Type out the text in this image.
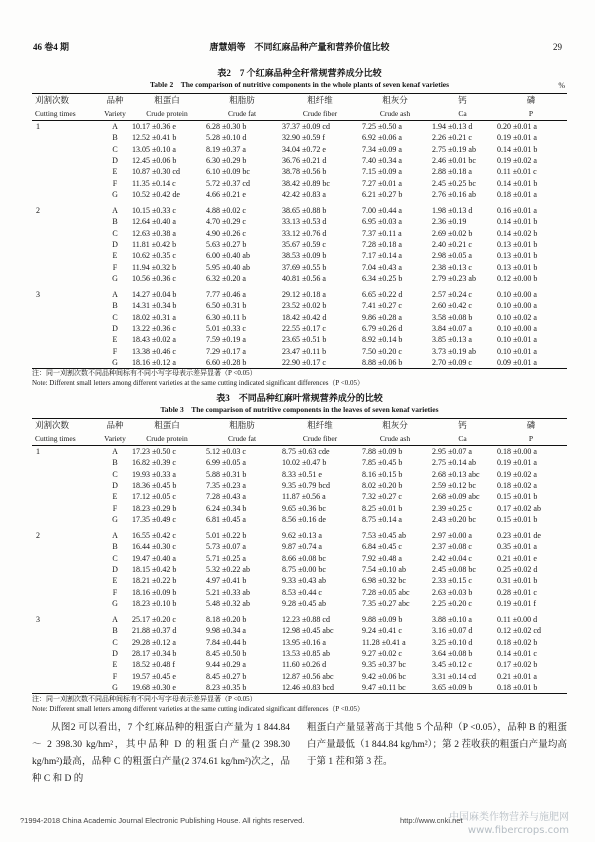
46 卷4 期	唐慧娟等　不同红麻品种产量和营养价值比较	29
表2　7 个红麻品种全秆常规营养成分比较
%
Table 2　The comparison of nutritive components in the whole plants of seven kenaf varieties
刈割次数	品种	粗蛋白	粗脂肪	粗纤维	粗灰分	钙	磷
Cutting times	Variety	Crude protein	Crude fat	Crude fiber	Crude ash	Ca	P
1	A	10.17 ±0.36 e	6.28 ±0.30 b	37.37 ±0.09 cd	7.25 ±0.50 a	1.94 ±0.13 d	0.20 ±0.01 a
	B	12.52 ±0.41 b	5.28 ±0.10 d	32.90 ±0.59 f	6.92 ±0.06 a	2.26 ±0.21 c	0.19 ±0.01 a
	C	13.05 ±0.10 a	8.19 ±0.37 a	34.04 ±0.72 e	7.34 ±0.09 a	2.75 ±0.19 ab	0.14 ±0.01 b
	D	12.45 ±0.06 b	6.30 ±0.29 b	36.76 ±0.21 d	7.40 ±0.34 a	2.46 ±0.01 bc	0.19 ±0.02 a
	E	10.87 ±0.30 cd	6.10 ±0.09 bc	38.78 ±0.56 b	7.15 ±0.09 a	2.88 ±0.18 a	0.11 ±0.01 c
	F	11.35 ±0.14 c	5.72 ±0.37 cd	38.42 ±0.89 bc	7.27 ±0.01 a	2.45 ±0.25 bc	0.14 ±0.01 b
	G	10.52 ±0.42 de	4.66 ±0.21 e	42.42 ±0.83 a	6.21 ±0.27 b	2.76 ±0.16 ab	0.18 ±0.01 a
2	A	10.15 ±0.33 c	4.88 ±0.02 c	38.65 ±0.88 b	7.00 ±0.44 a	1.98 ±0.13 d	0.16 ±0.01 a
	B	12.64 ±0.40 a	4.70 ±0.29 c	33.13 ±0.53 d	6.95 ±0.03 a	2.36 ±0.19	0.14 ±0.01 b
	C	12.63 ±0.38 a	4.90 ±0.26 c	33.12 ±0.76 d	7.37 ±0.11 a	2.69 ±0.02 b	0.14 ±0.02 b
	D	11.81 ±0.42 b	5.63 ±0.27 b	35.67 ±0.59 c	7.28 ±0.18 a	2.40 ±0.21 c	0.13 ±0.01 b
	E	10.62 ±0.35 c	6.00 ±0.40 ab	38.53 ±0.09 b	7.17 ±0.14 a	2.98 ±0.05 a	0.13 ±0.01 b
	F	11.94 ±0.32 b	5.95 ±0.40 ab	37.69 ±0.55 b	7.04 ±0.43 a	2.38 ±0.13 c	0.13 ±0.01 b
	G	10.56 ±0.36 c	6.32 ±0.20 a	40.81 ±0.56 a	6.34 ±0.25 b	2.79 ±0.23 ab	0.12 ±0.00 b
3	A	14.27 ±0.04 b	7.77 ±0.46 a	29.12 ±0.18 a	6.65 ±0.22 d	2.57 ±0.24 c	0.10 ±0.00 a
	B	14.31 ±0.34 b	6.50 ±0.31 b	23.52 ±0.02 b	7.41 ±0.27 c	2.60 ±0.42 c	0.10 ±0.00 a
	C	18.02 ±0.31 a	6.30 ±0.11 b	18.42 ±0.42 d	9.86 ±0.28 a	3.58 ±0.08 b	0.10 ±0.02 a
	D	13.22 ±0.36 c	5.01 ±0.33 c	22.55 ±0.17 c	6.79 ±0.26 d	3.84 ±0.07 a	0.10 ±0.00 a
	E	18.43 ±0.02 a	7.59 ±0.19 a	23.65 ±0.51 b	8.92 ±0.14 b	3.85 ±0.13 a	0.10 ±0.01 a
	F	13.38 ±0.46 c	7.29 ±0.17 a	23.47 ±0.11 b	7.50 ±0.20 c	3.73 ±0.19 ab	0.10 ±0.01 a
	G	18.16 ±0.12 a	6.60 ±0.28 b	22.90 ±0.17 c	8.88 ±0.06 b	2.70 ±0.09 c	0.09 ±0.01 a
注：同一刈割次数不同品种间标有不同小写字母表示差异显著（P <0.05）
Note: Different small letters among different varieties at the same cutting indicated significant differences（P <0.05）
表3　不同品种红麻叶常规营养成分的比较
Table 3　The comparison of nutritive components in the leaves of seven kenaf varieties
刈割次数	品种	粗蛋白	粗脂肪	粗纤维	粗灰分	钙	磷
Cutting times	Variety	Crude protein	Crude fat	Crude fiber	Crude ash	Ca	P
1	A	17.23 ±0.50 c	5.12 ±0.03 c	8.75 ±0.63 cde	7.88 ±0.09 b	2.95 ±0.07 a	0.18 ±0.00 a
	B	16.82 ±0.39 c	6.99 ±0.05 a	10.02 ±0.47 b	7.85 ±0.45 b	2.75 ±0.14 ab	0.19 ±0.01 a
	C	19.93 ±0.33 a	5.88 ±0.31 b	8.33 ±0.51 e	8.16 ±0.15 b	2.68 ±0.13 abc	0.19 ±0.02 a
	D	18.36 ±0.45 b	7.35 ±0.23 a	9.35 ±0.79 bcd	8.02 ±0.20 b	2.59 ±0.12 bc	0.18 ±0.02 a
	E	17.12 ±0.05 c	7.28 ±0.43 a	11.87 ±0.56 a	7.32 ±0.27 c	2.68 ±0.09 abc	0.15 ±0.01 b
	F	18.23 ±0.29 b	6.24 ±0.34 b	9.65 ±0.36 bc	8.25 ±0.01 b	2.39 ±0.25 c	0.17 ±0.02 ab
	G	17.35 ±0.49 c	6.81 ±0.45 a	8.56 ±0.16 de	8.75 ±0.14 a	2.43 ±0.20 bc	0.15 ±0.01 b
2	A	16.55 ±0.42 c	5.01 ±0.22 b	9.62 ±0.13 a	7.53 ±0.45 ab	2.97 ±0.00 a	0.23 ±0.01 de
	B	16.44 ±0.30 c	5.73 ±0.07 a	9.87 ±0.74 a	6.84 ±0.45 c	2.37 ±0.08 c	0.35 ±0.01 a
	C	19.47 ±0.40 a	5.71 ±0.25 a	8.66 ±0.08 bc	7.92 ±0.48 a	2.42 ±0.04 c	0.21 ±0.01 e
	D	18.15 ±0.42 b	5.32 ±0.22 ab	8.75 ±0.00 bc	7.54 ±0.10 ab	2.45 ±0.08 bc	0.25 ±0.02 d
	E	18.21 ±0.22 b	4.97 ±0.41 b	9.33 ±0.43 ab	6.98 ±0.32 bc	2.33 ±0.15 c	0.31 ±0.01 b
	F	18.16 ±0.09 b	5.21 ±0.33 ab	8.53 ±0.44 c	7.28 ±0.05 abc	2.63 ±0.03 b	0.28 ±0.01 c
	G	18.23 ±0.10 b	5.48 ±0.32 ab	9.28 ±0.45 ab	7.35 ±0.27 abc	2.25 ±0.20 c	0.19 ±0.01 f
3	A	25.17 ±0.20 c	8.18 ±0.20 b	12.23 ±0.88 cd	9.88 ±0.09 b	3.88 ±0.10 a	0.11 ±0.00 d
	B	21.88 ±0.37 d	9.98 ±0.34 a	12.98 ±0.45 abc	9.24 ±0.41 c	3.16 ±0.07 d	0.12 ±0.02 cd
	C	29.28 ±0.12 a	7.84 ±0.44 b	13.95 ±0.16 a	11.28 ±0.41 a	3.25 ±0.10 d	0.18 ±0.02 b
	D	28.17 ±0.34 b	8.45 ±0.50 b	13.53 ±0.85 ab	9.27 ±0.02 c	3.64 ±0.08 b	0.14 ±0.01 c
	E	18.52 ±0.48 f	9.44 ±0.29 a	11.60 ±0.26 d	9.35 ±0.37 bc	3.45 ±0.12 c	0.17 ±0.02 b
	F	19.57 ±0.45 e	8.45 ±0.27 b	12.87 ±0.56 abc	9.42 ±0.06 bc	3.31 ±0.14 cd	0.21 ±0.01 a
	G	19.68 ±0.30 e	8.23 ±0.35 b	12.46 ±0.83 bcd	9.47 ±0.11 bc	3.65 ±0.09 b	0.18 ±0.01 b
注：同一刈割次数不同品种间标有不同小写字母表示差异显著（P <0.05）
Note: Different small letters among different varieties at the same cutting indicated significant differences（P <0.05）

从图2 可以看出，7 个红麻品种的粗蛋白产量为 1 844.84 ～ 2 398.30 kg/hm²，其中品种 D 的粗蛋白产量(2 398.30 kg/hm²)最高，品种 C 的粗蛋白产量(2 374.61 kg/hm²)次之，品种 C 和 D 的

粗蛋白产量显著高于其他 5 个品种（P <0.05），品种 B 的粗蛋白产量最低（1 844.84 kg/hm²）；第 2 茬收获的粗蛋白产量均高于第 1 茬和第 3 茬。

?1994-2018 China Academic Journal Electronic Publishing House. All rights reserved.	http://www.cnki.net
中国麻类作物营养与施肥网
www.fibercrops.com
